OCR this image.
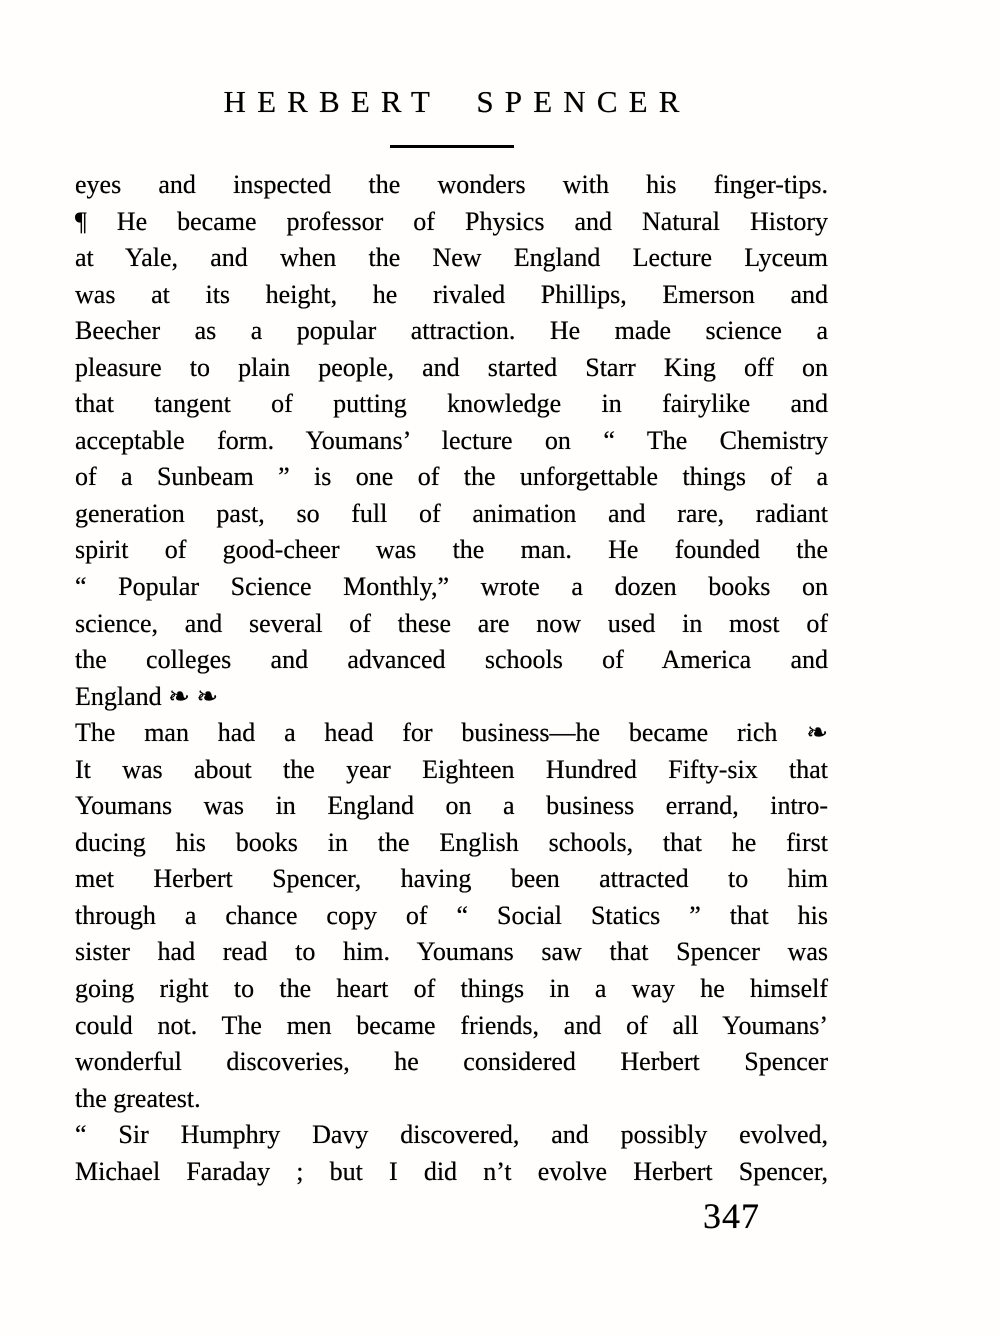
HERBERT SPENCER
eyes and inspected the wonders with his finger-tips.
¶ He became professor of Physics and Natural History
at Yale, and when the New England Lecture Lyceum
was at its height, he rivaled Phillips, Emerson and
Beecher as a popular attraction. He made science a
pleasure to plain people, and started Starr King off on
that tangent of putting knowledge in fairylike and
acceptable form. Youmans’ lecture on “ The Chemistry
of a Sunbeam ” is one of the unforgettable things of a
generation past, so full of animation and rare, radiant
spirit of good-cheer was the man. He founded the
“ Popular Science Monthly,” wrote a dozen books on
science, and several of these are now used in most of
the colleges and advanced schools of America and
England ❧ ❧
The man had a head for business—he became rich ❧
It was about the year Eighteen Hundred Fifty-six that
Youmans was in England on a business errand, intro-
ducing his books in the English schools, that he first
met Herbert Spencer, having been attracted to him
through a chance copy of “ Social Statics ” that his
sister had read to him. Youmans saw that Spencer was
going right to the heart of things in a way he himself
could not. The men became friends, and of all Youmans’
wonderful discoveries, he considered Herbert Spencer
the greatest.
“ Sir Humphry Davy discovered, and possibly evolved,
Michael Faraday ; but I did n’t evolve Herbert Spencer,
347
